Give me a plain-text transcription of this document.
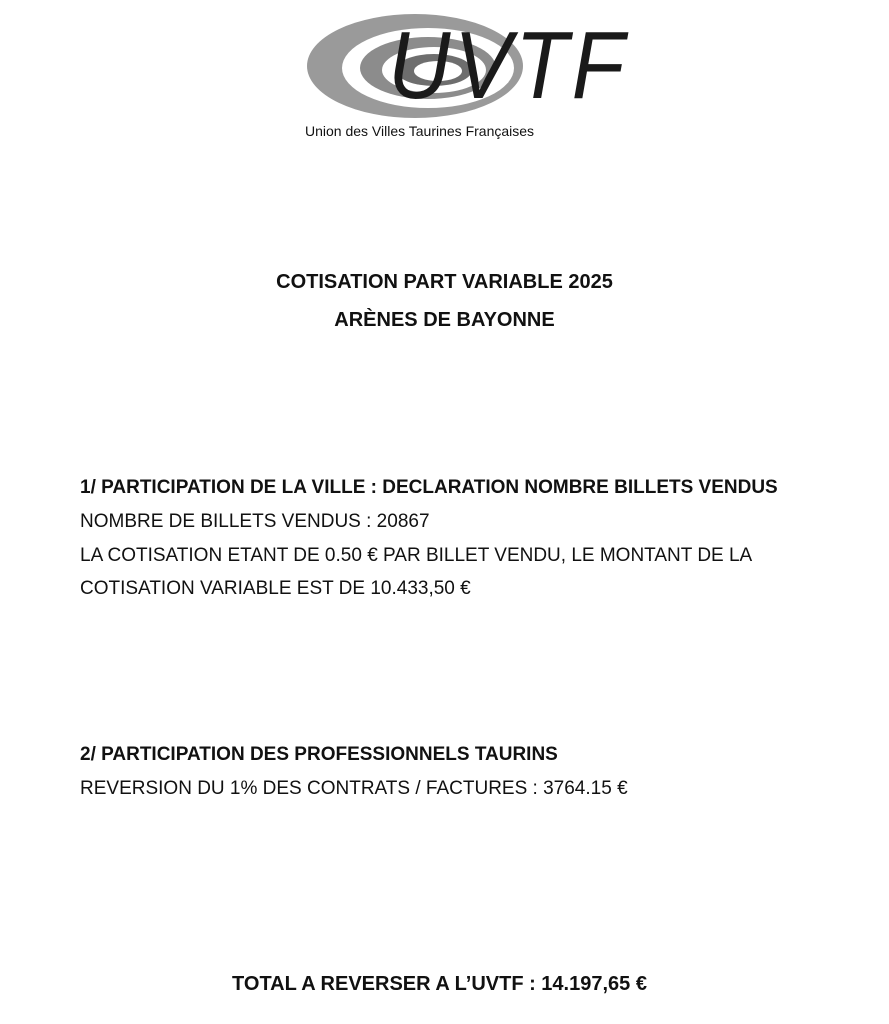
UVTF
Union des Villes Taurines Françaises
COTISATION PART VARIABLE 2025
ARÈNES DE BAYONNE
1/ PARTICIPATION DE LA VILLE : DECLARATION NOMBRE BILLETS VENDUS
NOMBRE DE BILLETS VENDUS : 20867
LA COTISATION ETANT DE 0.50 € PAR BILLET VENDU, LE MONTANT DE LA
COTISATION VARIABLE EST DE 10.433,50 €
2/ PARTICIPATION DES PROFESSIONNELS TAURINS
REVERSION DU 1% DES CONTRATS / FACTURES : 3764.15 €
TOTAL A REVERSER A L’UVTF : 14.197,65 €
